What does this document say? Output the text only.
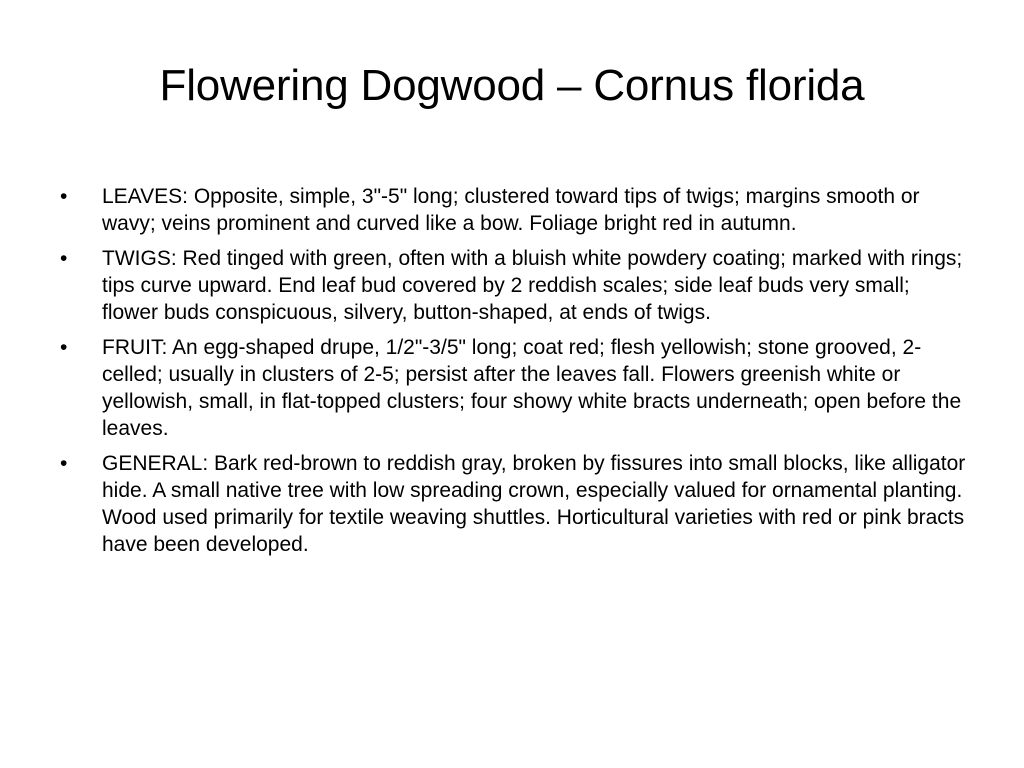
Flowering Dogwood – Cornus florida
• LEAVES: Opposite, simple, 3"-5" long; clustered toward tips of twigs; margins smooth or wavy; veins prominent and curved like a bow. Foliage bright red in autumn.
• TWIGS: Red tinged with green, often with a bluish white powdery coating; marked with rings; tips curve upward. End leaf bud covered by 2 reddish scales; side leaf buds very small; flower buds conspicuous, silvery, button-shaped, at ends of twigs.
• FRUIT: An egg-shaped drupe, 1/2"-3/5" long; coat red; flesh yellowish; stone grooved, 2-celled; usually in clusters of 2-5; persist after the leaves fall. Flowers greenish white or yellowish, small, in flat-topped clusters; four showy white bracts underneath; open before the leaves.
• GENERAL: Bark red-brown to reddish gray, broken by fissures into small blocks, like alligator hide. A small native tree with low spreading crown, especially valued for ornamental planting. Wood used primarily for textile weaving shuttles. Horticultural varieties with red or pink bracts have been developed.
